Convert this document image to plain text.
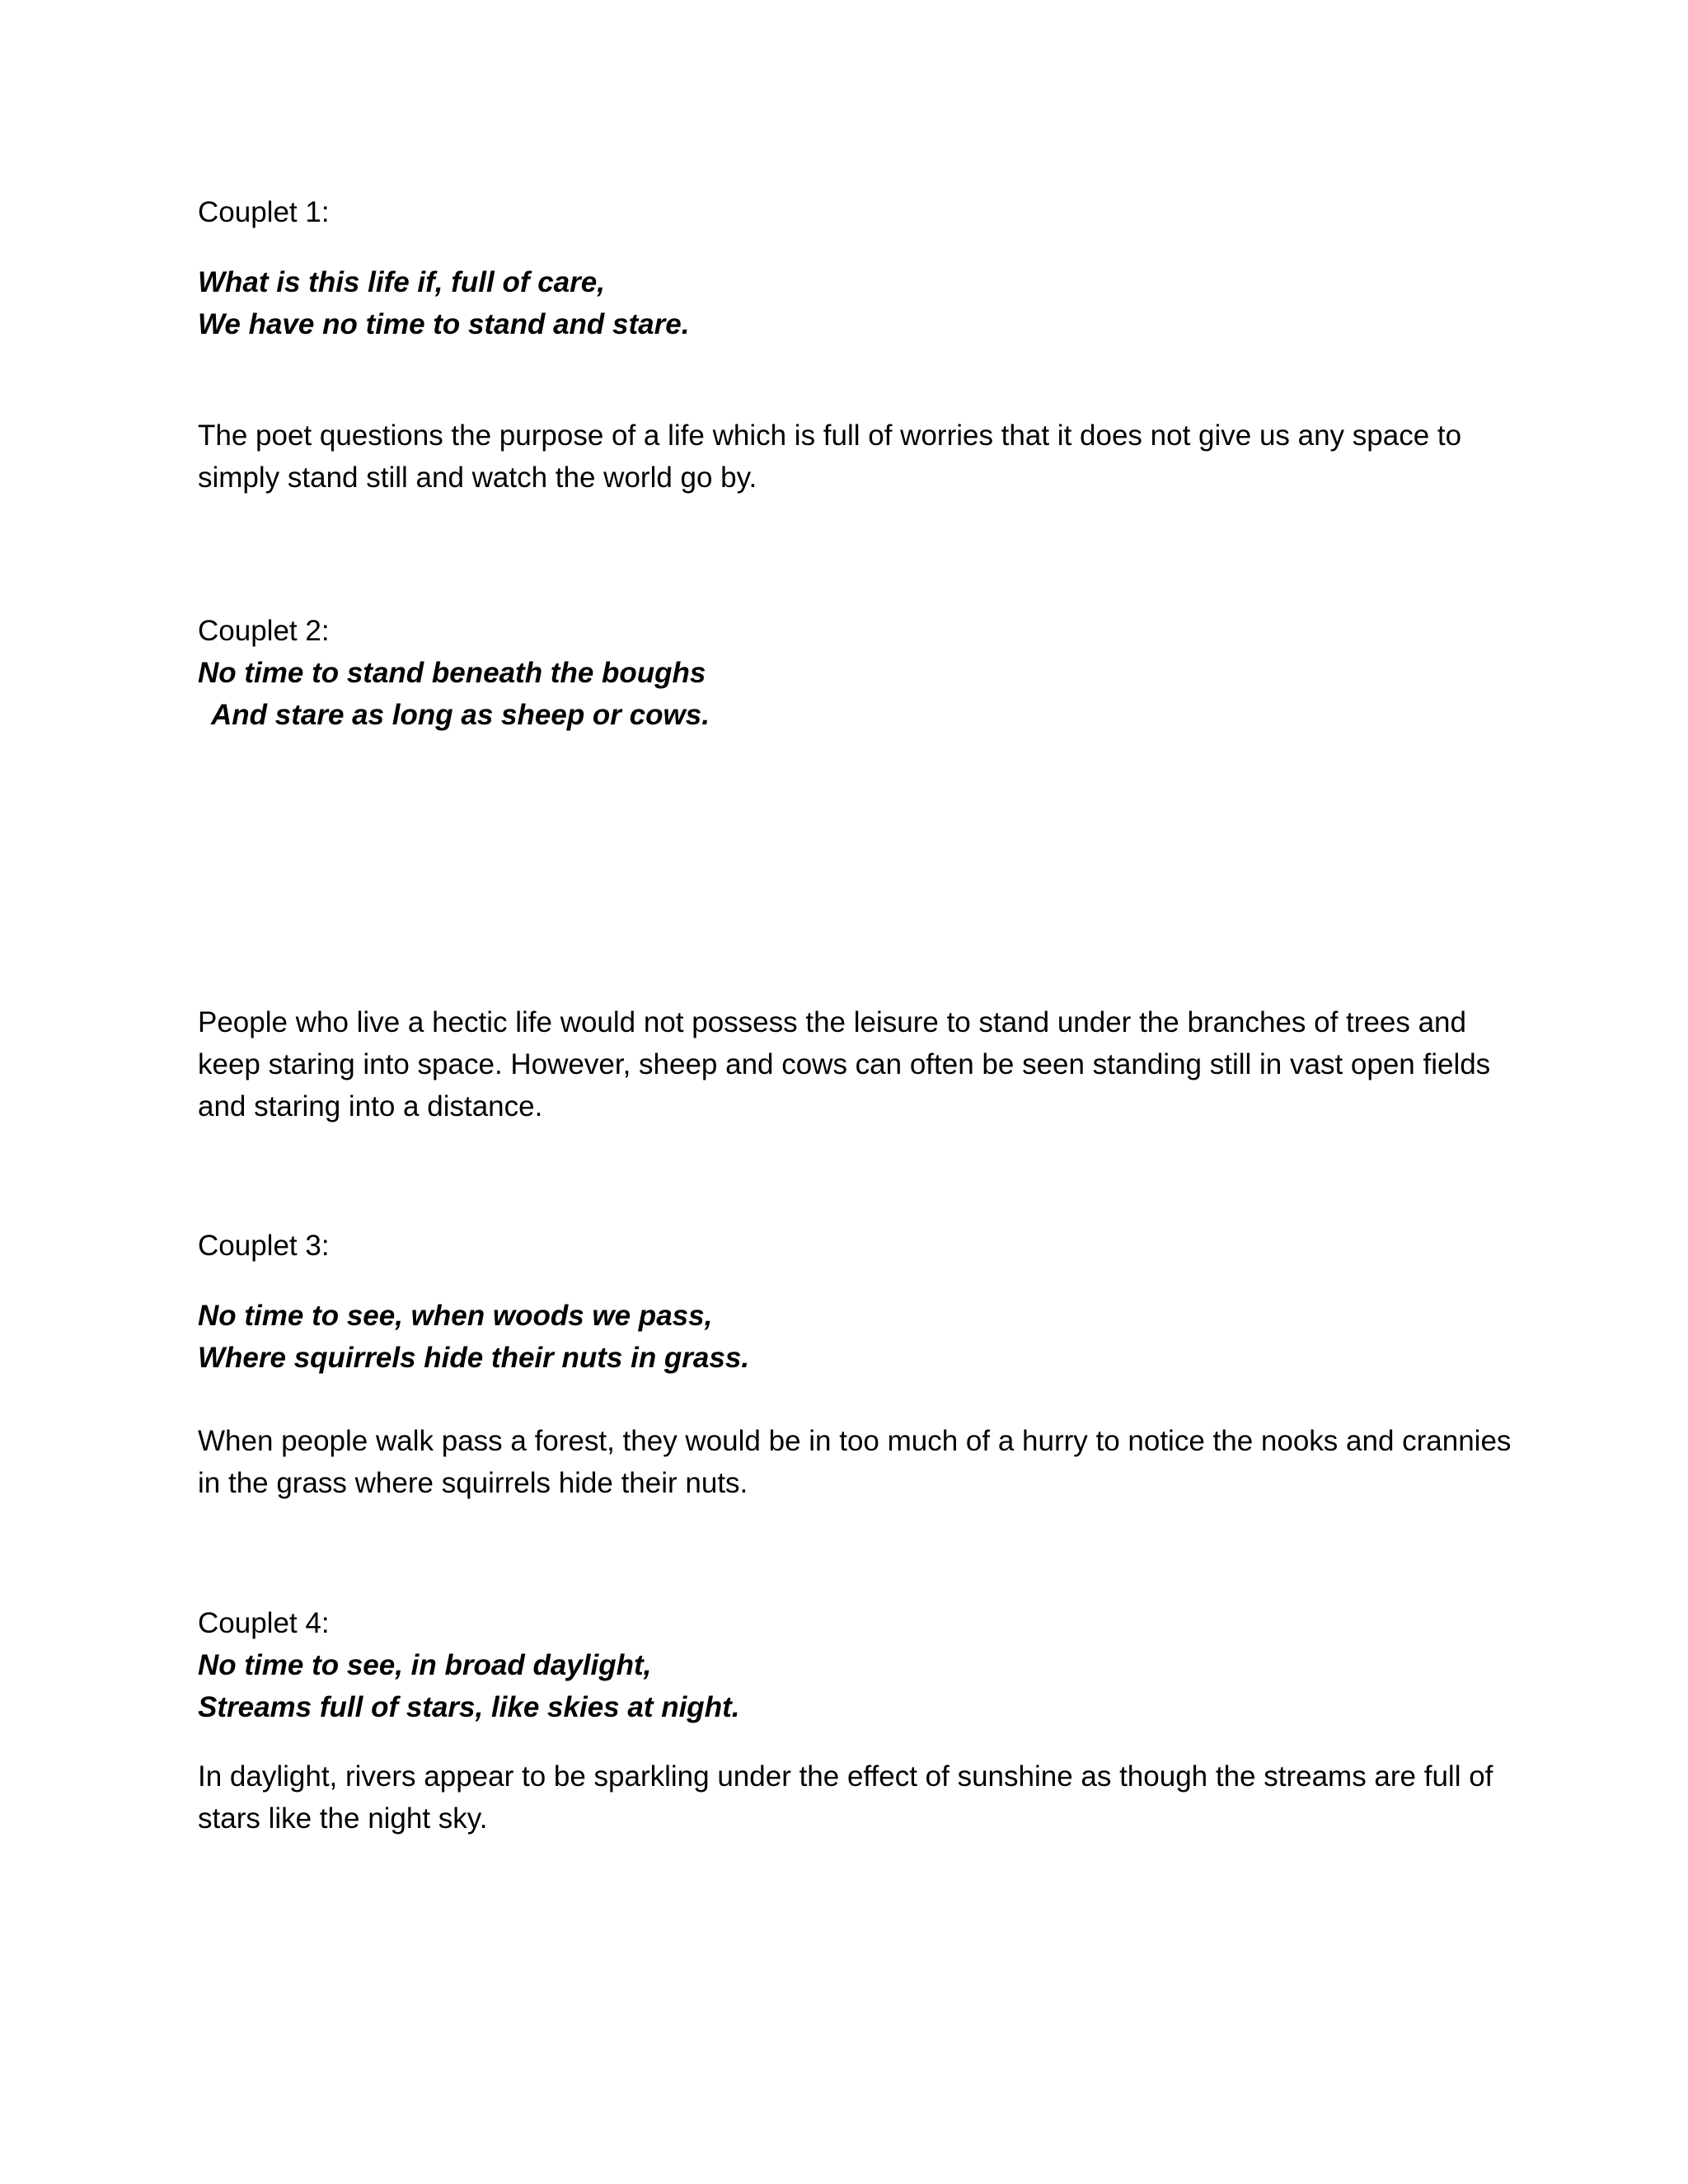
Couplet 1:
What is this life if, full of care,
We have no time to stand and stare.
The poet questions the purpose of a life which is full of worries that it does not give us any space to
simply stand still and watch the world go by.
Couplet 2:
No time to stand beneath the boughs
And stare as long as sheep or cows.
People who live a hectic life would not possess the leisure to stand under the branches of trees and
keep staring into space. However, sheep and cows can often be seen standing still in vast open fields
and staring into a distance.
Couplet 3:
No time to see, when woods we pass,
Where squirrels hide their nuts in grass.
When people walk pass a forest, they would be in too much of a hurry to notice the nooks and crannies
in the grass where squirrels hide their nuts.
Couplet 4:
No time to see, in broad daylight,
Streams full of stars, like skies at night.
In daylight, rivers appear to be sparkling under the effect of sunshine as though the streams are full of
stars like the night sky.
